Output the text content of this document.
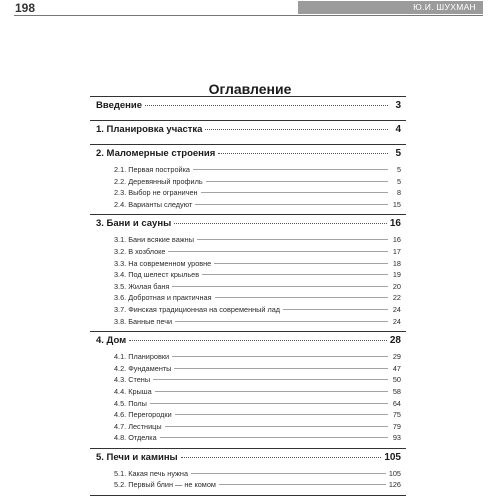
198	Ю.И. ШУХМАН
Оглавление
Введение	3
1. Планировка участка	4
2. Маломерные строения	5
2.1. Первая постройка	5
2.2. Деревянный профиль	5
2.3. Выбор не ограничен	8
2.4. Варианты следуют	15
3. Бани и сауны	16
3.1. Бани всякие важны	16
3.2. В хозблоке	17
3.3. На современном уровне	18
3.4. Под шелест крыльев	19
3.5. Жилая баня	20
3.6. Добротная и практичная	22
3.7. Финская традиционная на современный лад	24
3.8. Банные печи	24
4. Дом	28
4.1. Планировки	29
4.2. Фундаменты	47
4.3. Стены	50
4.4. Крыша	58
4.5. Полы	64
4.6. Перегородки	75
4.7. Лестницы	79
4.8. Отделка	93
5. Печи и камины	105
5.1. Какая печь нужна	105
5.2. Первый блин — не комом	126
